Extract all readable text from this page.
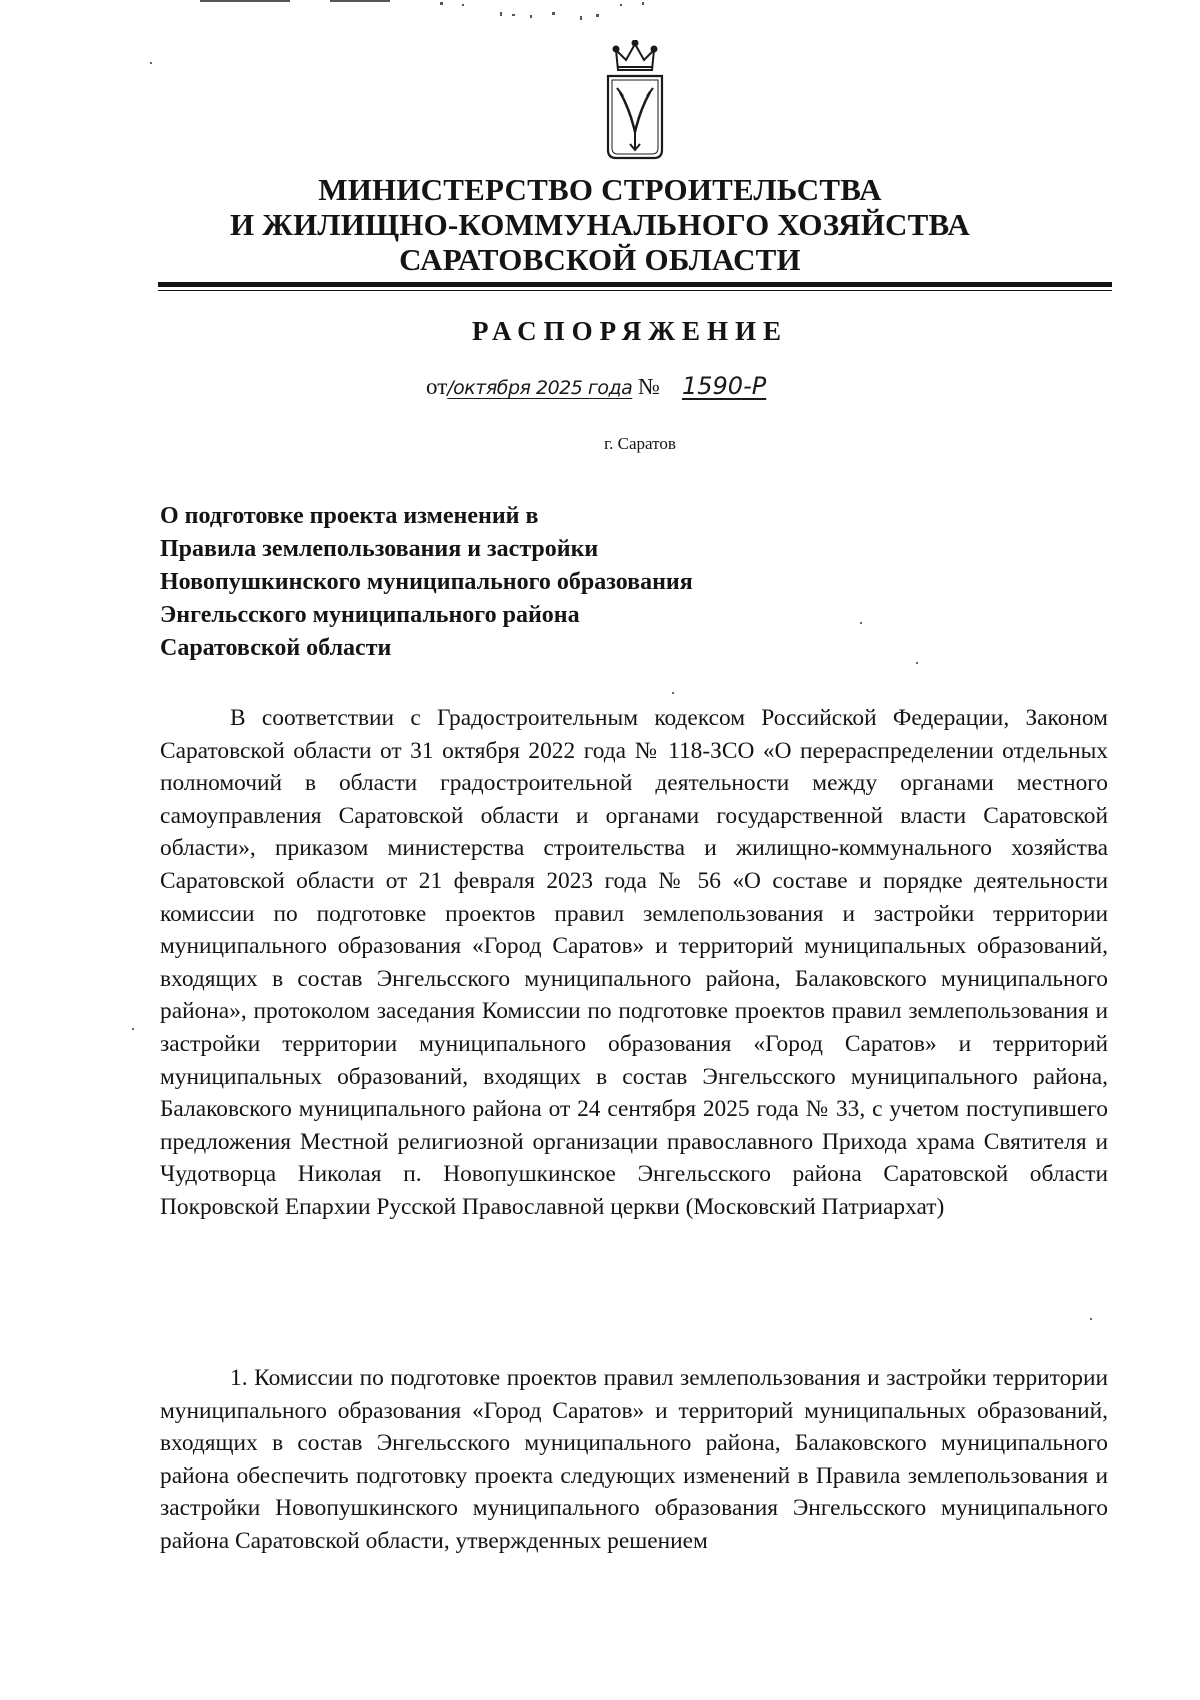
МИНИСТЕРСТВО СТРОИТЕЛЬСТВА
И ЖИЛИЩНО-КОММУНАЛЬНОГО ХОЗЯЙСТВА
САРАТОВСКОЙ ОБЛАСТИ
РАСПОРЯЖЕНИЕ
от/октября 2025 года № 1590-Р
г. Саратов
О подготовке проекта изменений в
Правила землепользования и застройки
Новопушкинского муниципального образования
Энгельсского муниципального района
Саратовской области

В соответствии с Градостроительным кодексом Российской Федерации, Законом Саратовской области от 31 октября 2022 года № 118-ЗСО «О перераспределении отдельных полномочий в области градостроительной деятельности между органами местного самоуправления Саратовской области и органами государственной власти Саратовской области», приказом министерства строительства и жилищно-коммунального хозяйства Саратовской области от 21 февраля 2023 года № 56 «О составе и порядке деятельности комиссии по подготовке проектов правил землепользования и застройки территории муниципального образования «Город Саратов» и территорий муниципальных образований, входящих в состав Энгельсского муниципального района, Балаковского муниципального района», протоколом заседания Комиссии по подготовке проектов правил землепользования и застройки территории муниципального образования «Город Саратов» и территорий муниципальных образований, входящих в состав Энгельсского муниципального района, Балаковского муниципального района от 24 сентября 2025 года № 33, с учетом поступившего предложения Местной религиозной организации православного Прихода храма Святителя и Чудотворца Николая п. Новопушкинское Энгельсского района Саратовской области Покровской Епархии Русской Православной церкви (Московский Патриархат)

1. Комиссии по подготовке проектов правил землепользования и застройки территории муниципального образования «Город Саратов» и территорий муниципальных образований, входящих в состав Энгельсского муниципального района, Балаковского муниципального района обеспечить подготовку проекта следующих изменений в Правила землепользования и застройки Новопушкинского муниципального образования Энгельсского муниципального района Саратовской области, утвержденных решением
